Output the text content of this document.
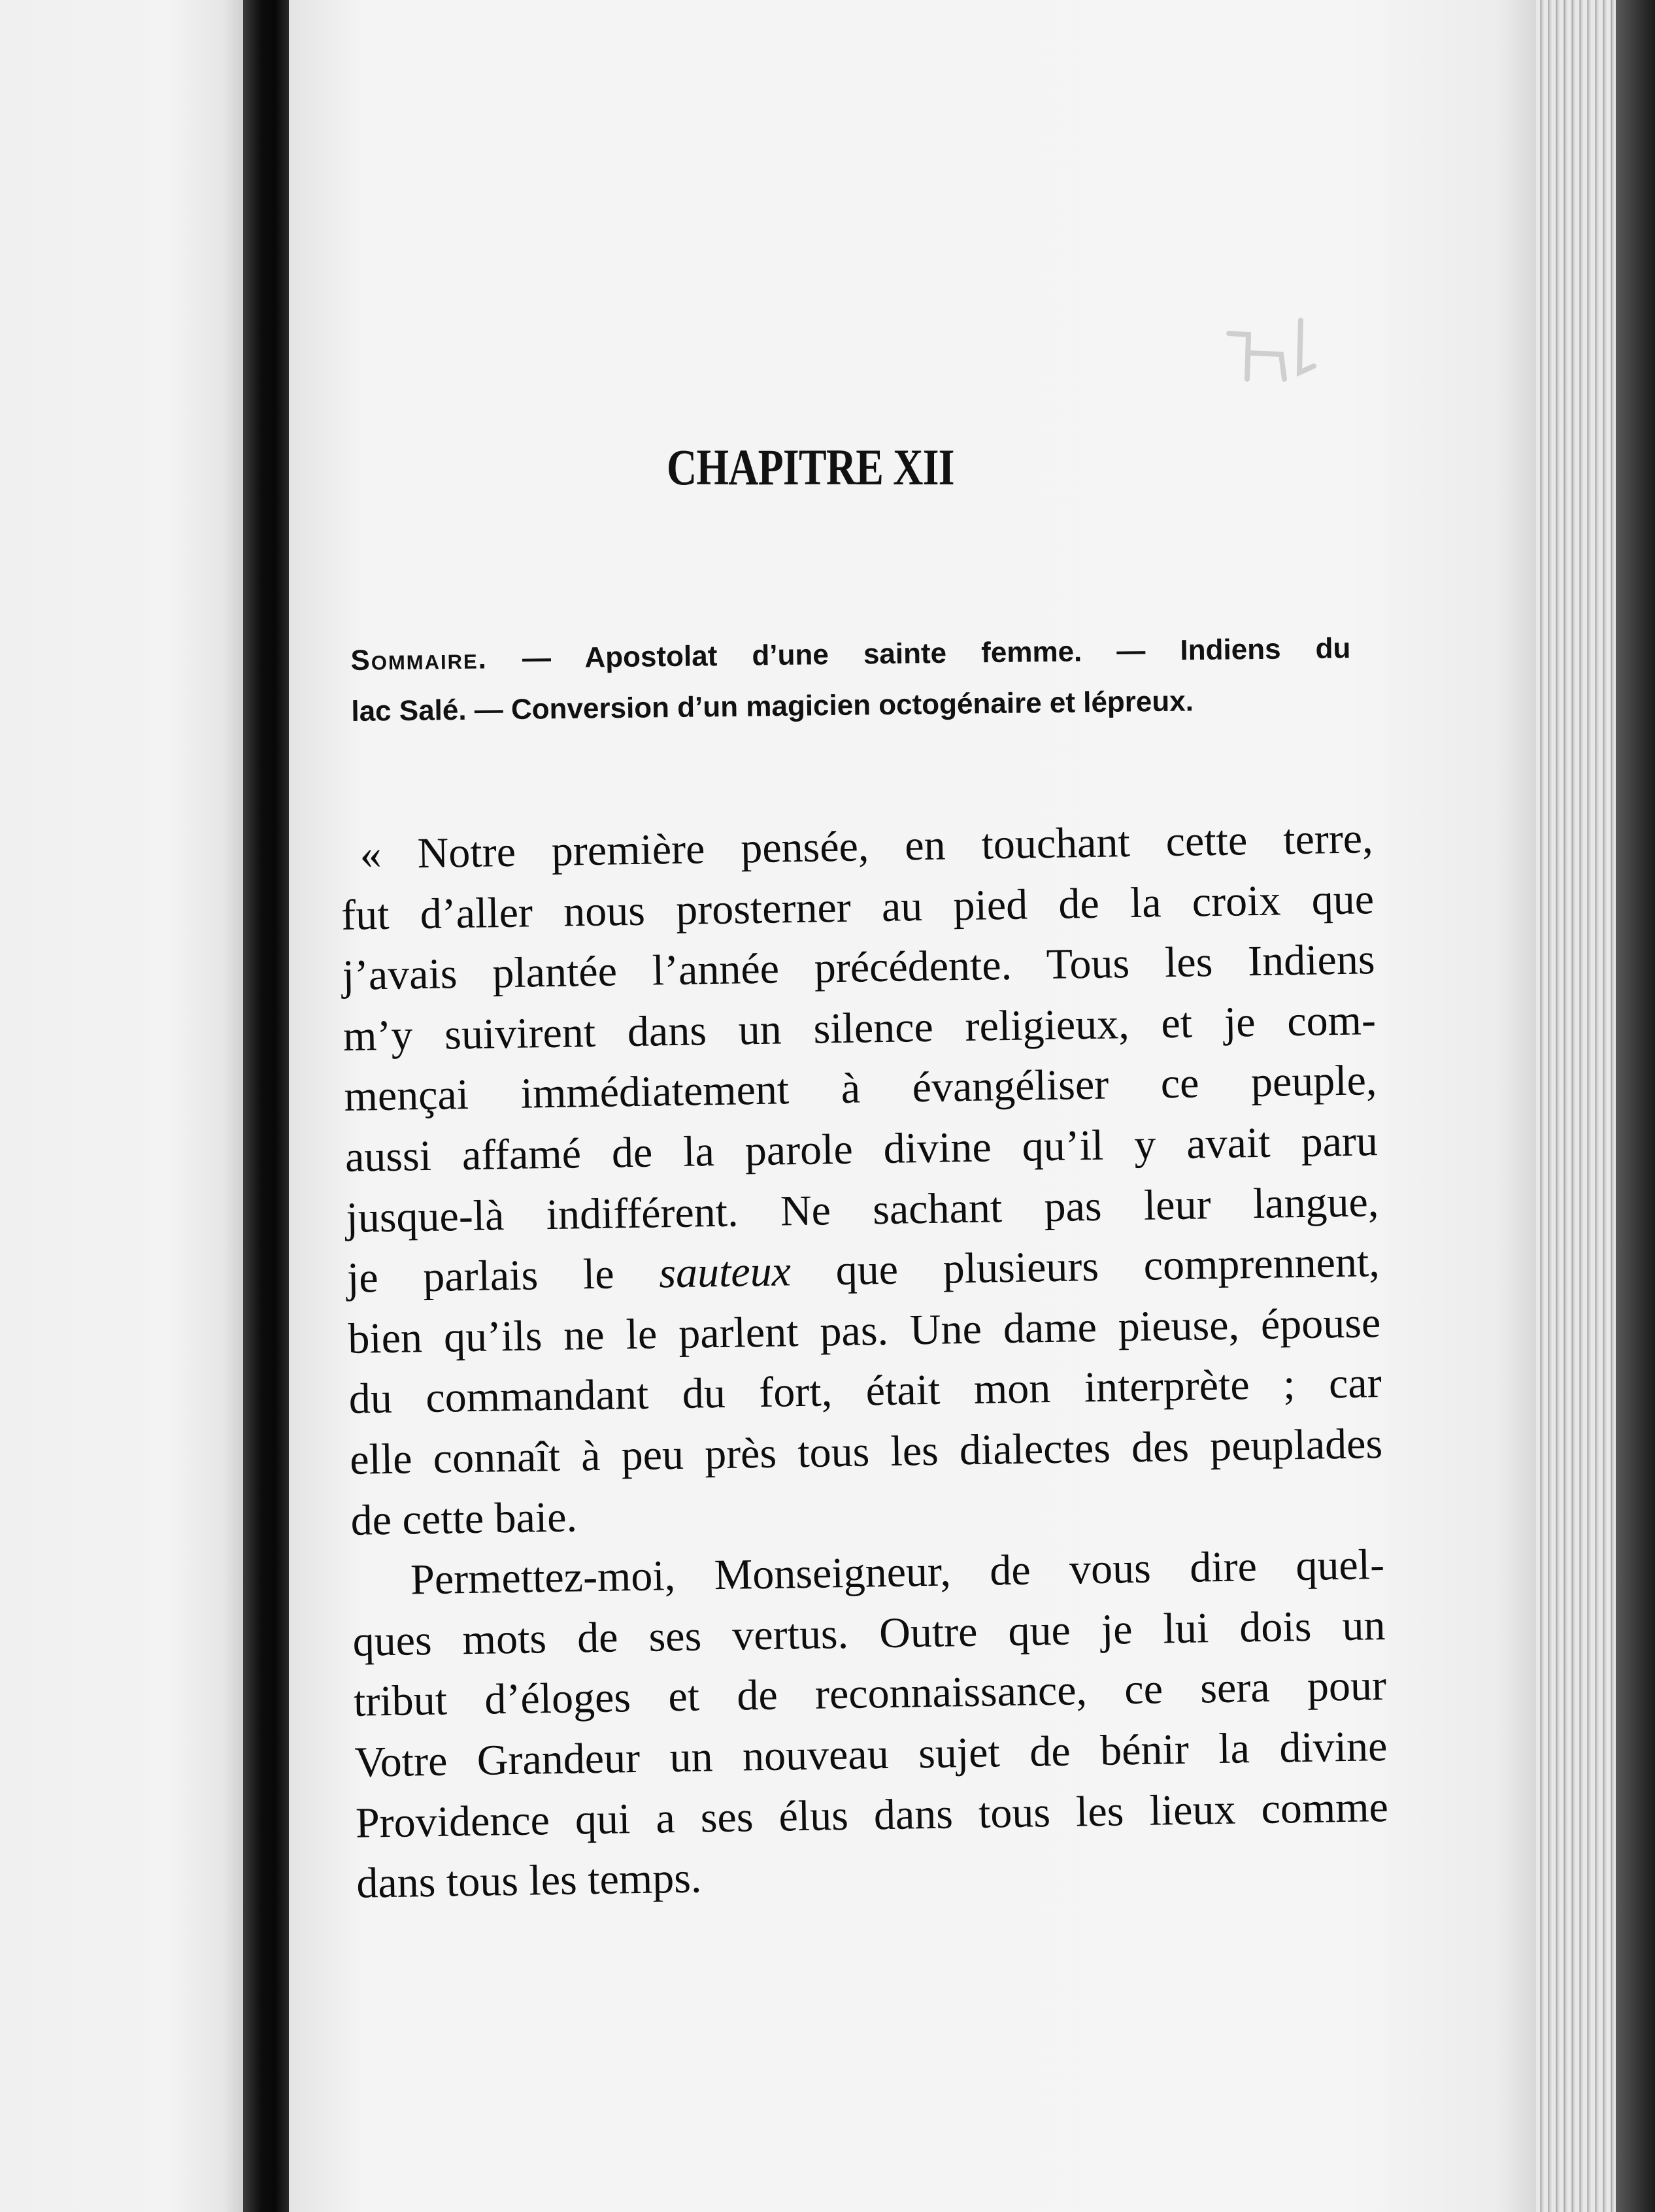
CHAPITRE XII
Sommaire. — Apostolat d’une sainte femme. — Indiens du
lac Salé. — Conversion d’un magicien octogénaire et lépreux.
« Notre première pensée, en touchant cette terre,
fut d’aller nous prosterner au pied de la croix que
j’avais plantée l’année précédente. Tous les Indiens
m’y suivirent dans un silence religieux, et je com-
mençai immédiatement à évangéliser ce peuple,
aussi affamé de la parole divine qu’il y avait paru
jusque-là indifférent. Ne sachant pas leur langue,
je parlais le sauteux que plusieurs comprennent,
bien qu’ils ne le parlent pas. Une dame pieuse, épouse
du commandant du fort, était mon interprète ; car
elle connaît à peu près tous les dialectes des peuplades
de cette baie.
Permettez-moi, Monseigneur, de vous dire quel-
ques mots de ses vertus. Outre que je lui dois un
tribut d’éloges et de reconnaissance, ce sera pour
Votre Grandeur un nouveau sujet de bénir la divine
Providence qui a ses élus dans tous les lieux comme
dans tous les temps.
